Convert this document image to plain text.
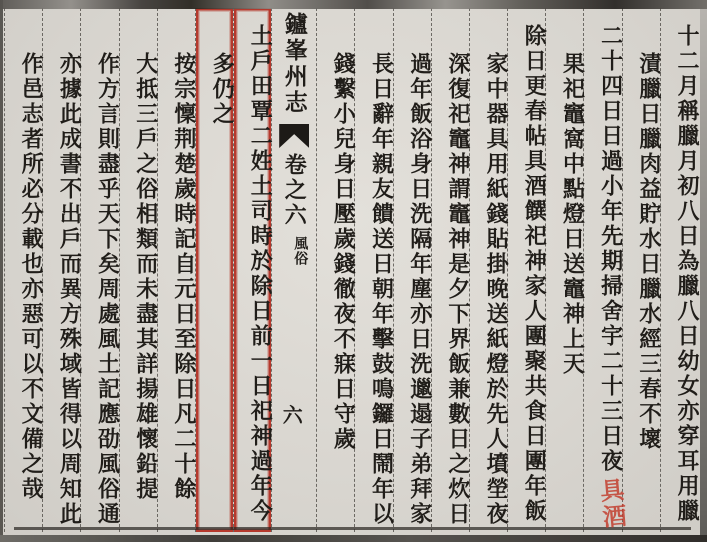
十二月稱臘月初八日為臘八日幼女亦穿耳用臘
漬臘日臘肉益貯水日臘水經三春不壞
二十四日日過小年先期掃舍宇二十三日夜
果祀竈窩中點燈日送竈神上天
除日更春帖具酒饌祀神家人團聚共食日團年飯
家中器具用紙錢貼掛晚送紙燈於先人墳塋夜
深復祀竈神謂竈神是夕下界飯兼數日之炊日
過年飯浴身日洗隔年塵亦日洗邋遢子弟拜家
長日辭年親友饋送日朝年擊鼓鳴鑼日鬧年以
錢繫小兒身日壓歲錢徹夜不寐日守歲
鑪峯州志
卷之六
風俗
六
土戶田覃二姓土司時於除日前一日祀神過年今
多仍之
按宗懍荆楚歲時記自元日至除日凡二十餘
大抵三戶之俗相類而未盡其詳揚雄懷鉛提
作方言則盡乎天下矣周處風土記應劭風俗通
亦據此成書不出戶而異方殊域皆得以周知此
作邑志者所必分載也亦惡可以不文備之哉
具酒
